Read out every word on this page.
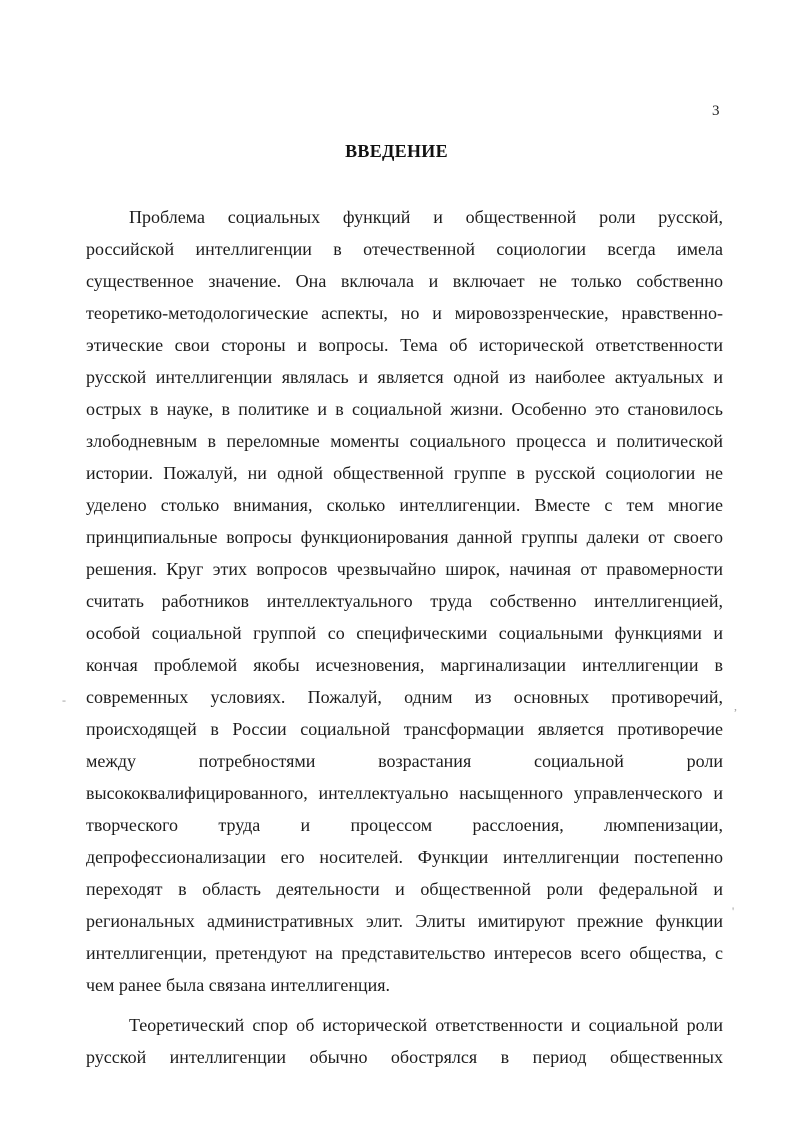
3
ВВЕДЕНИЕ
Проблема социальных функций и общественной роли русской,
российской интеллигенции в отечественной социологии всегда имела
существенное значение. Она включала и включает не только собственно
теоретико-методологические аспекты, но и мировоззренческие, нравственно-
этические свои стороны и вопросы. Тема об исторической ответственности
русской интеллигенции являлась и является одной из наиболее актуальных и
острых в науке, в политике и в социальной жизни. Особенно это становилось
злободневным в переломные моменты социального процесса и политической
истории. Пожалуй, ни одной общественной группе в русской социологии не
уделено столько внимания, сколько интеллигенции. Вместе с тем многие
принципиальные вопросы функционирования данной группы далеки от своего
решения. Круг этих вопросов чрезвычайно широк, начиная от правомерности
считать работников интеллектуального труда собственно интеллигенцией,
особой социальной группой со специфическими социальными функциями и
кончая проблемой якобы исчезновения, маргинализации интеллигенции в
современных условиях. Пожалуй, одним из основных противоречий,
происходящей в России социальной трансформации является противоречие
между потребностями возрастания социальной роли
высококвалифицированного, интеллектуально насыщенного управленческого и
творческого труда и процессом расслоения, люмпенизации,
депрофессионализации его носителей. Функции интеллигенции постепенно
переходят в область деятельности и общественной роли федеральной и
региональных административных элит. Элиты имитируют прежние функции
интеллигенции, претендуют на представительство интересов всего общества, с
чем ранее была связана интеллигенция.
Теоретический спор об исторической ответственности и социальной роли
русской интеллигенции обычно обострялся в период общественных
-	,
'
